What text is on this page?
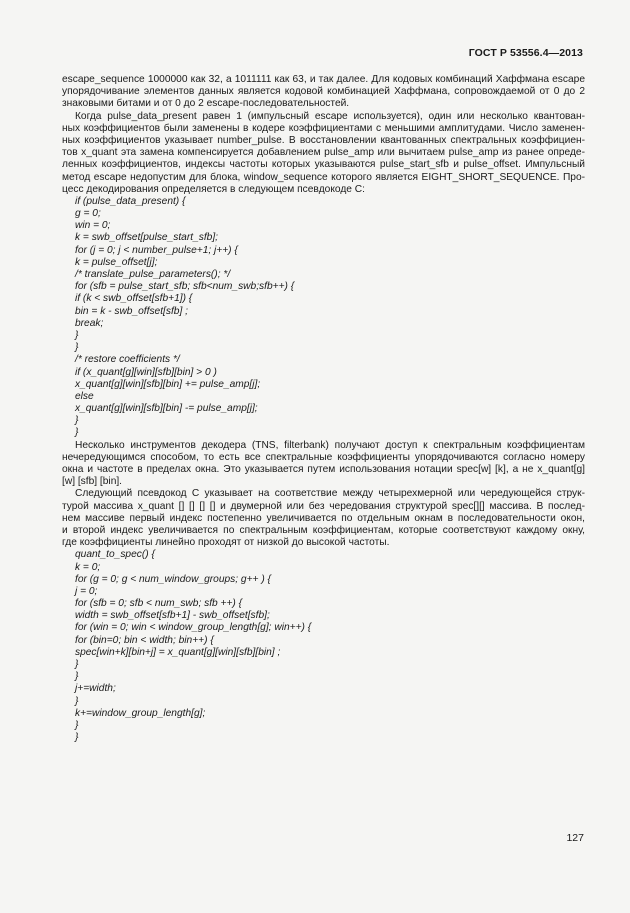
ГОСТ Р 53556.4—2013
escape_sequence 1000000 как 32, а 1011111 как 63, и так далее. Для кодовых комбинаций Хаффмана escape
упорядочивание элементов данных является кодовой комбинацией Хаффмана, сопровождаемой от 0 до 2
знаковыми битами и от 0 до 2 escape-последовательностей.
Когда pulse_data_present равен 1 (импульсный escape используется), один или несколько квантован-
ных коэффициентов были заменены в кодере коэффициентами с меньшими амплитудами. Число заменен-
ных коэффициентов указывает number_pulse. В восстановлении квантованных спектральных коэффициен-
тов x_quant эта замена компенсируется добавлением pulse_amp или вычитаем pulse_amp из ранее опреде-
ленных коэффициентов, индексы частоты которых указываются pulse_start_sfb и pulse_offset. Импульсный
метод escape недопустим для блока, window_sequence которого является EIGHT_SHORT_SEQUENCE. Про-
цесс декодирования определяется в следующем псевдокоде С:
if (pulse_data_present) {
g = 0;
win = 0;
k = swb_offset[pulse_start_sfb];
for (j = 0; j < number_pulse+1; j++) {
k = pulse_offset[j];
/* translate_pulse_parameters(); */
for (sfb = pulse_start_sfb; sfb<num_swb;sfb++) {
if (k < swb_offset[sfb+1]) {
bin = k - swb_offset[sfb] ;
break;
}
}
/* restore coefficients */
if (x_quant[g][win][sfb][bin] > 0 )
x_quant[g][win][sfb][bin] += pulse_amp[j];
else
x_quant[g][win][sfb][bin] -= pulse_amp[j];
}
}
Несколько инструментов декодера (TNS, filterbank) получают доступ к спектральным коэффициентам
нечередующимся способом, то есть все спектральные коэффициенты упорядочиваются согласно номеру
окна и частоте в пределах окна. Это указывается путем использования нотации spec[w] [k], а не x_quant[g]
[w] [sfb] [bin].
Следующий псевдокод С указывает на соответствие между четырехмерной или чередующейся струк-
турой массива x_quant [] [] [] [] и двумерной или без чередования структурой spec[][] массива. В послед-
нем массиве первый индекс постепенно увеличивается по отдельным окнам в последовательности окон,
и второй индекс увеличивается по спектральным коэффициентам, которые соответствуют каждому окну,
где коэффициенты линейно проходят от низкой до высокой частоты.
quant_to_spec() {
k = 0;
for (g = 0; g < num_window_groups; g++ ) {
j = 0;
for (sfb = 0; sfb < num_swb; sfb ++) {
width = swb_offset[sfb+1] - swb_offset[sfb];
for (win = 0; win < window_group_length[g]; win++) {
for (bin=0; bin < width; bin++) {
spec[win+k][bin+j] = x_quant[g][win][sfb][bin] ;
}
}
j+=width;
}
k+=window_group_length[g];
}
}
127
